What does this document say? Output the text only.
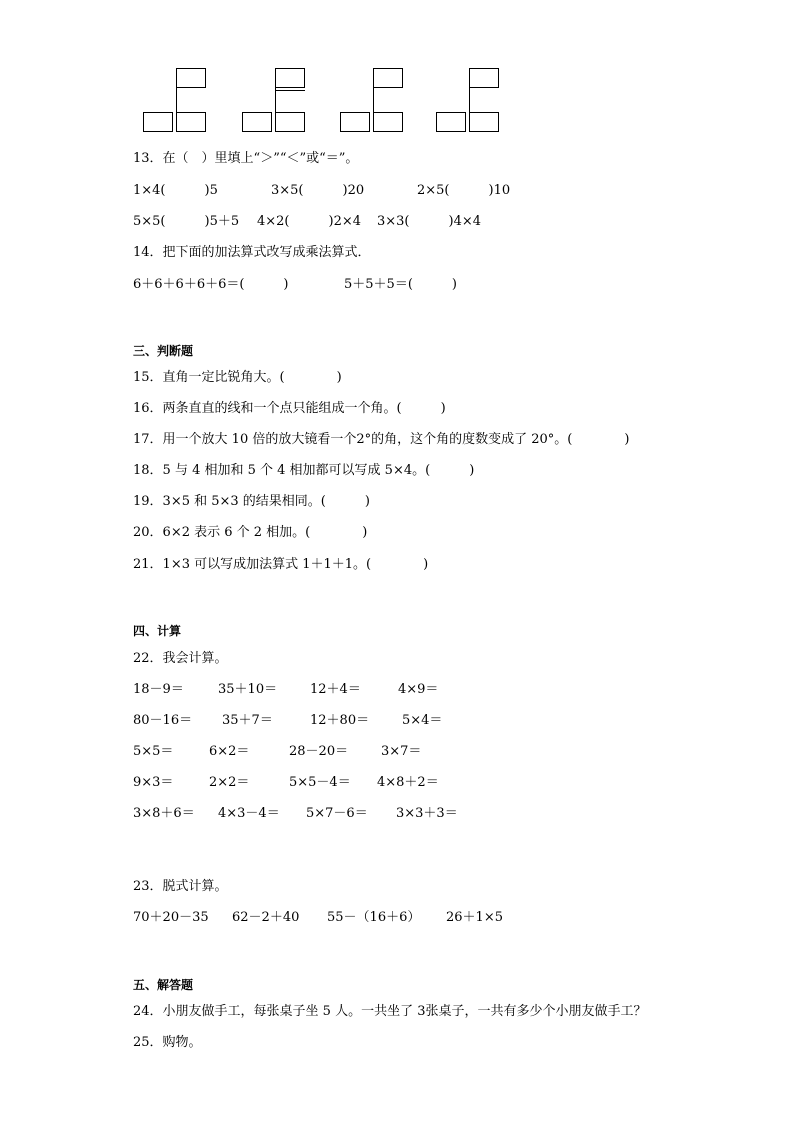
13．在（　）里填上“＞”“＜”或“＝”。
1×4(　　　)5	3×5(　　　)20	2×5(　　　)10
5×5(　　　)5＋5 4×2(　　　)2×4 3×3(　　　)4×4
14．把下面的加法算式改写成乘法算式．
6＋6＋6＋6＋6＝(　　　)	5＋5＋5＝(　　　)
三、判断题
15．直角一定比锐角大。(　　　　)
16．两条直直的线和一个点只能组成一个角。(　　　)
17．用一个放大 10 倍的放大镜看一个2°的角，这个角的度数变成了 20°。(　　　　)
18．5 与 4 相加和 5 个 4 相加都可以写成 5×4。(　　　)
19．3×5 和 5×3 的结果相同。(　　　)
20．6×2 表示 6 个 2 相加。(　　　　)
21．1×3 可以写成加法算式 1＋1＋1。(　　　　)
四、计算
22．我会计算。
18－9＝	35＋10＝	12＋4＝	4×9＝
80－16＝ 35＋7＝	12＋80＝	5×4＝
5×5＝	6×2＝	28－20＝	3×7＝
9×3＝	2×2＝	5×5－4＝ 4×8＋2＝
3×8＋6＝ 4×3－4＝ 5×7－6＝ 3×3＋3＝
23．脱式计算。
70＋20－35 62－2＋40 55－（16＋6） 26＋1×5
五、解答题
24．小朋友做手工，每张桌子坐 5 人。一共坐了 3张桌子，一共有多少个小朋友做手工？
25．购物。
